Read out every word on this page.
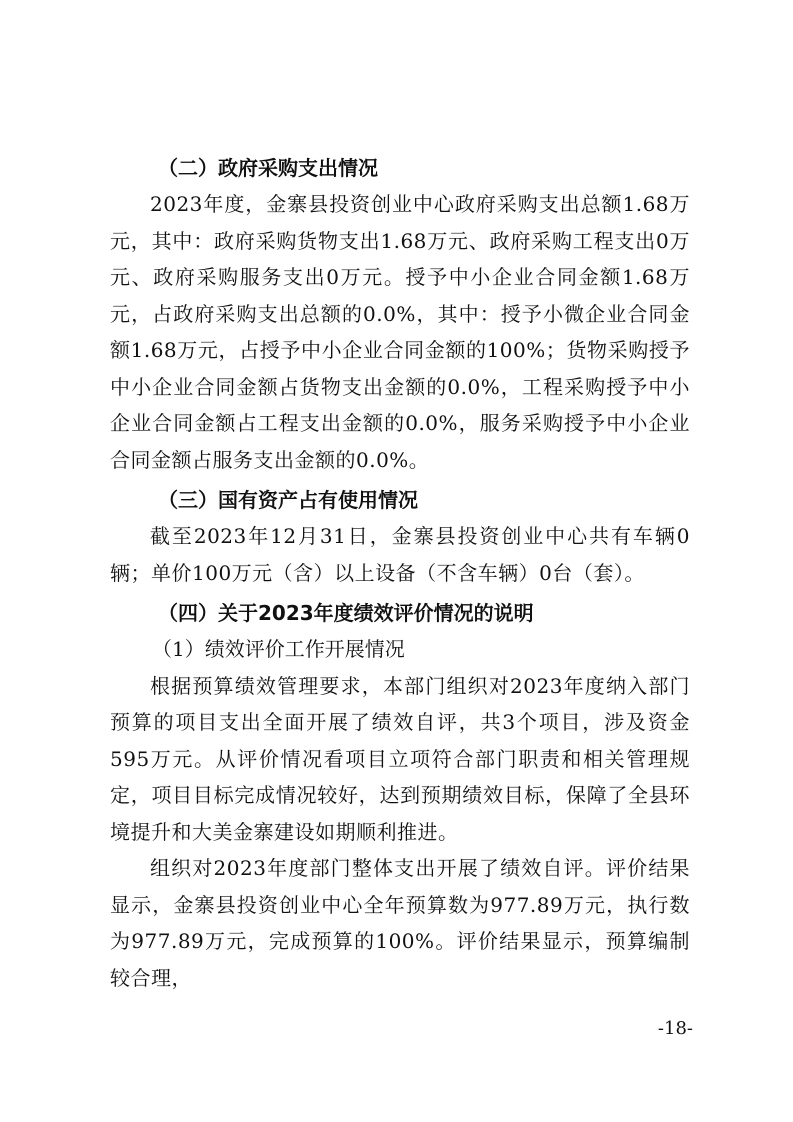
（二）政府采购支出情况

2023年度，金寨县投资创业中心政府采购支出总额1.68万元，其中：政府采购货物支出1.68万元、政府采购工程支出0万元、政府采购服务支出0万元。授予中小企业合同金额1.68万元，占政府采购支出总额的0.0%，其中：授予小微企业合同金额1.68万元，占授予中小企业合同金额的100%；货物采购授予中小企业合同金额占货物支出金额的0.0%，工程采购授予中小企业合同金额占工程支出金额的0.0%，服务采购授予中小企业合同金额占服务支出金额的0.0%。

（三）国有资产占有使用情况

截至2023年12月31日，金寨县投资创业中心共有车辆0辆；单价100万元（含）以上设备（不含车辆）0台（套）。

（四）关于2023年度绩效评价情况的说明

（1）绩效评价工作开展情况

根据预算绩效管理要求，本部门组织对2023年度纳入部门预算的项目支出全面开展了绩效自评，共3个项目，涉及资金595万元。从评价情况看项目立项符合部门职责和相关管理规定，项目目标完成情况较好，达到预期绩效目标，保障了全县环境提升和大美金寨建设如期顺利推进。

组织对2023年度部门整体支出开展了绩效自评。评价结果显示，金寨县投资创业中心全年预算数为977.89万元，执行数为977.89万元，完成预算的100%。评价结果显示，预算编制较合理，

-18-
